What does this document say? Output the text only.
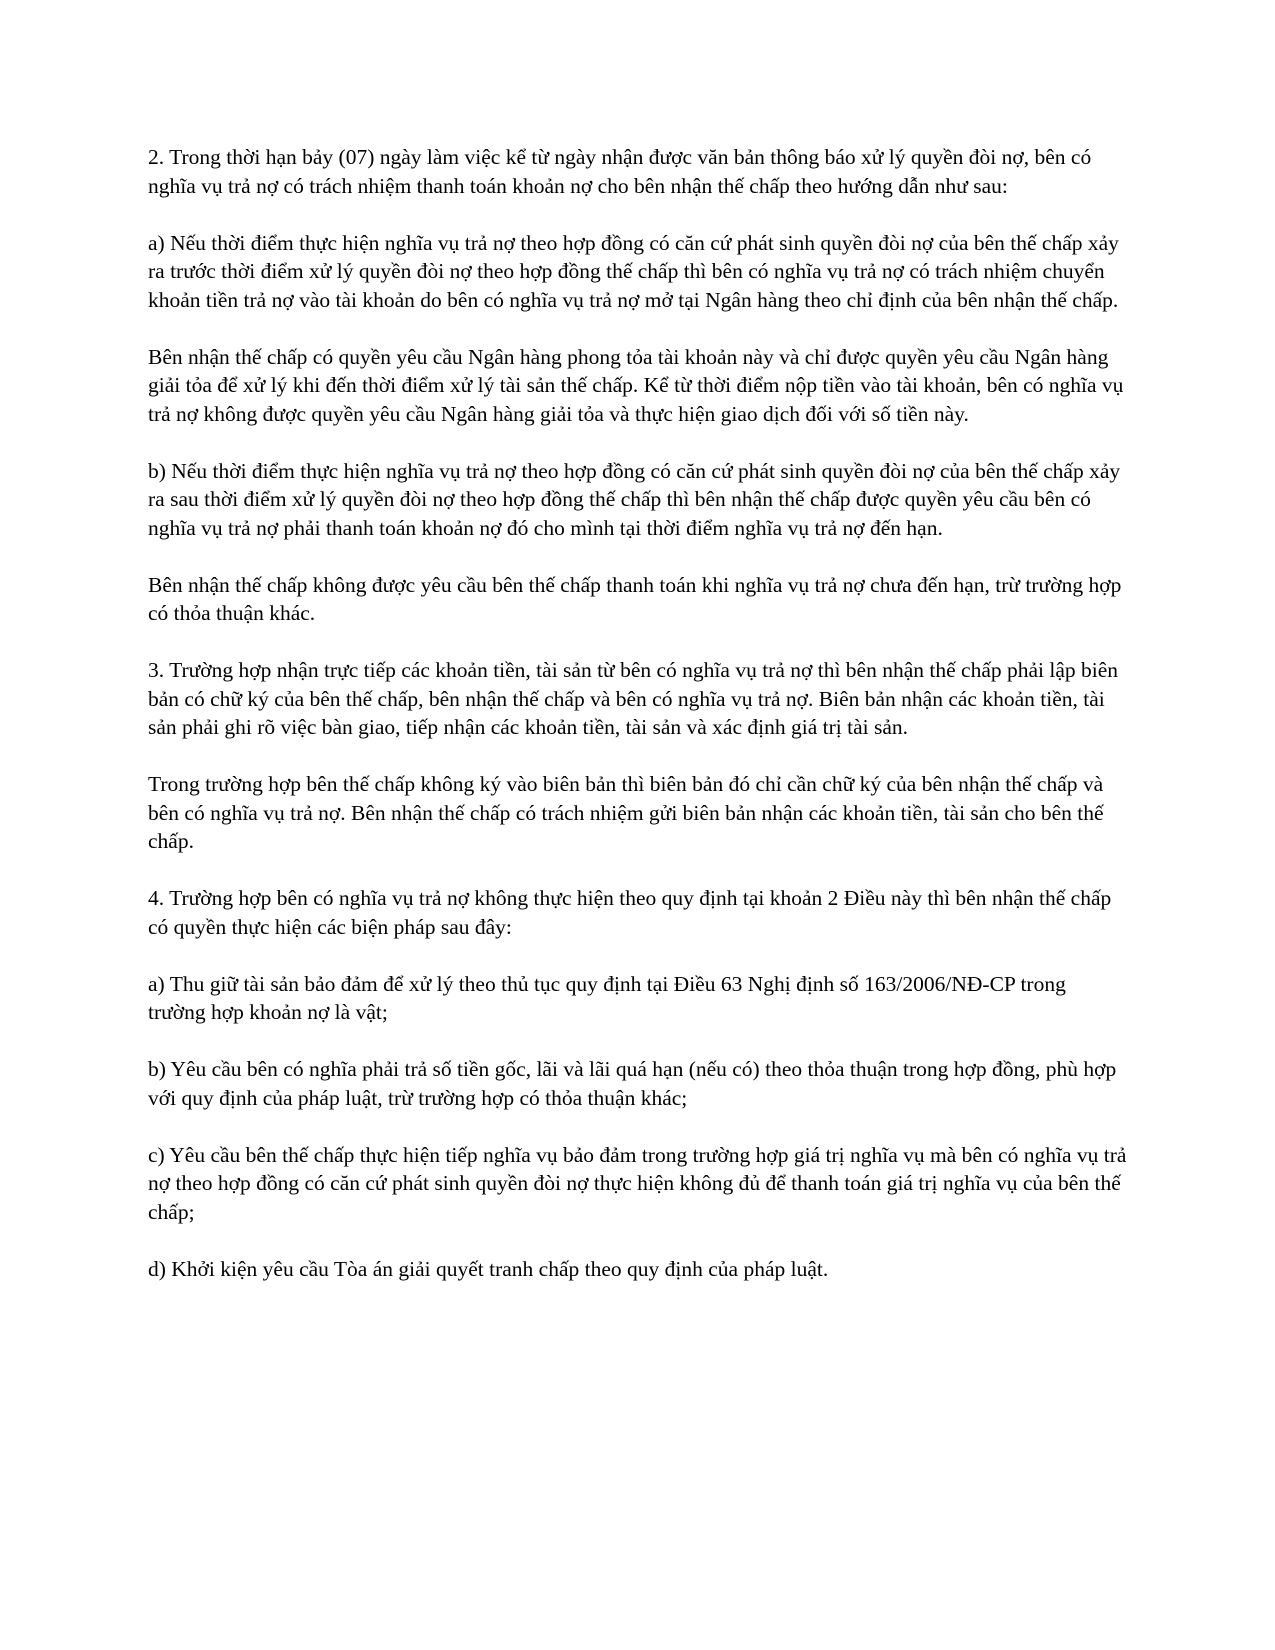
2. Trong thời hạn bảy (07) ngày làm việc kể từ ngày nhận được văn bản thông báo xử lý quyền đòi nợ, bên có nghĩa vụ trả nợ có trách nhiệm thanh toán khoản nợ cho bên nhận thế chấp theo hướng dẫn như sau:

a) Nếu thời điểm thực hiện nghĩa vụ trả nợ theo hợp đồng có căn cứ phát sinh quyền đòi nợ của bên thế chấp xảy ra trước thời điểm xử lý quyền đòi nợ theo hợp đồng thế chấp thì bên có nghĩa vụ trả nợ có trách nhiệm chuyển khoản tiền trả nợ vào tài khoản do bên có nghĩa vụ trả nợ mở tại Ngân hàng theo chỉ định của bên nhận thế chấp.

Bên nhận thế chấp có quyền yêu cầu Ngân hàng phong tỏa tài khoản này và chỉ được quyền yêu cầu Ngân hàng giải tỏa để xử lý khi đến thời điểm xử lý tài sản thế chấp. Kể từ thời điểm nộp tiền vào tài khoản, bên có nghĩa vụ trả nợ không được quyền yêu cầu Ngân hàng giải tỏa và thực hiện giao dịch đối với số tiền này.

b) Nếu thời điểm thực hiện nghĩa vụ trả nợ theo hợp đồng có căn cứ phát sinh quyền đòi nợ của bên thế chấp xảy ra sau thời điểm xử lý quyền đòi nợ theo hợp đồng thế chấp thì bên nhận thế chấp được quyền yêu cầu bên có nghĩa vụ trả nợ phải thanh toán khoản nợ đó cho mình tại thời điểm nghĩa vụ trả nợ đến hạn.

Bên nhận thế chấp không được yêu cầu bên thế chấp thanh toán khi nghĩa vụ trả nợ chưa đến hạn, trừ trường hợp có thỏa thuận khác.

3. Trường hợp nhận trực tiếp các khoản tiền, tài sản từ bên có nghĩa vụ trả nợ thì bên nhận thế chấp phải lập biên bản có chữ ký của bên thế chấp, bên nhận thế chấp và bên có nghĩa vụ trả nợ. Biên bản nhận các khoản tiền, tài sản phải ghi rõ việc bàn giao, tiếp nhận các khoản tiền, tài sản và xác định giá trị tài sản.

Trong trường hợp bên thế chấp không ký vào biên bản thì biên bản đó chỉ cần chữ ký của bên nhận thế chấp và bên có nghĩa vụ trả nợ. Bên nhận thế chấp có trách nhiệm gửi biên bản nhận các khoản tiền, tài sản cho bên thế chấp.

4. Trường hợp bên có nghĩa vụ trả nợ không thực hiện theo quy định tại khoản 2 Điều này thì bên nhận thế chấp có quyền thực hiện các biện pháp sau đây:

a) Thu giữ tài sản bảo đảm để xử lý theo thủ tục quy định tại Điều 63 Nghị định số 163/2006/NĐ-CP trong trường hợp khoản nợ là vật;

b) Yêu cầu bên có nghĩa phải trả số tiền gốc, lãi và lãi quá hạn (nếu có) theo thỏa thuận trong hợp đồng, phù hợp với quy định của pháp luật, trừ trường hợp có thỏa thuận khác;

c) Yêu cầu bên thế chấp thực hiện tiếp nghĩa vụ bảo đảm trong trường hợp giá trị nghĩa vụ mà bên có nghĩa vụ trả nợ theo hợp đồng có căn cứ phát sinh quyền đòi nợ thực hiện không đủ để thanh toán giá trị nghĩa vụ của bên thế chấp;

d) Khởi kiện yêu cầu Tòa án giải quyết tranh chấp theo quy định của pháp luật.
